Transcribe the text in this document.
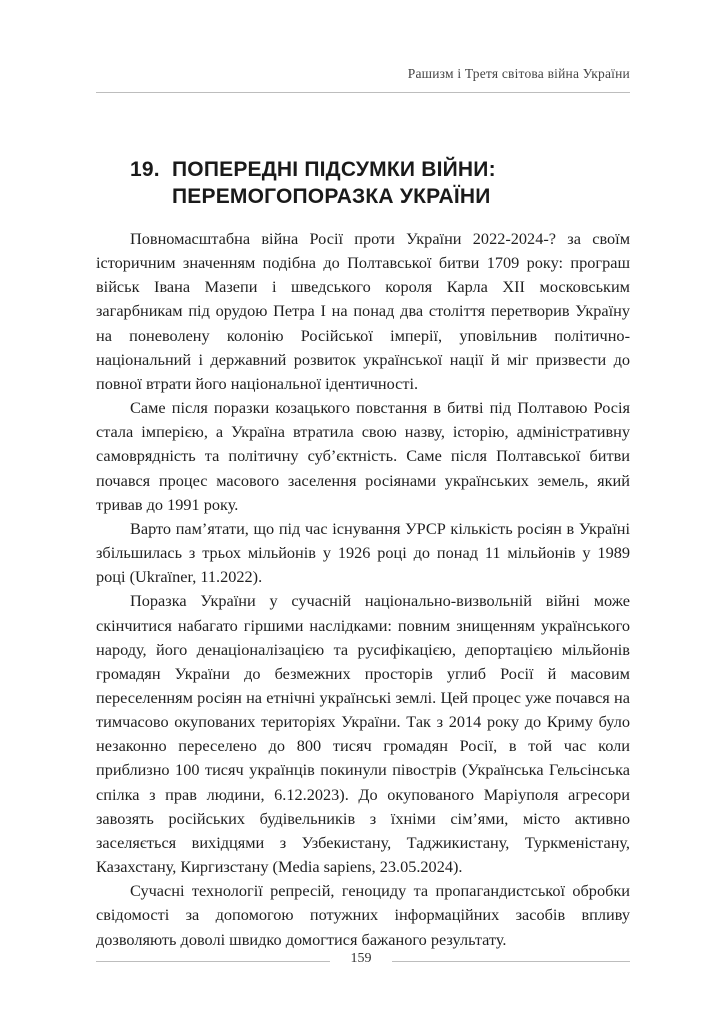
Рашизм і Третя світова війна України
19. ПОПЕРЕДНІ ПІДСУМКИ ВІЙНИ:
ПЕРЕМОГОПОРАЗКА УКРАЇНИ

Повномасштабна війна Росії проти України 2022-2024-? за своїм історичним значенням подібна до Полтавської битви 1709 року: програш військ Івана Мазепи і шведського короля Карла ХІІ московським загарбникам під орудою Петра І на понад два століття перетворив Україну на поневолену колонію Російської імперії, уповільнив політично-національний і державний розвиток української нації й міг призвести до повної втрати його національної ідентичності.

Саме після поразки козацького повстання в битві під Полтавою Росія стала імперією, а Україна втратила свою назву, історію, адміністративну самоврядність та політичну суб’єктність. Саме після Полтавської битви почався процес масового заселення росіянами українських земель, який тривав до 1991 року.

Варто пам’ятати, що під час існування УРСР кількість росіян в Україні збільшилась з трьох мільйонів у 1926 році до понад 11 мільйонів у 1989 році (Ukraїner, 11.2022).

Поразка України у сучасній національно-визвольній війні може скінчитися набагато гіршими наслідками: повним знищенням українського народу, його денаціоналізацією та русифікацією, депортацією мільйонів громадян України до безмежних просторів углиб Росії й масовим переселенням росіян на етнічні українські землі. Цей процес уже почався на тимчасово окупованих територіях України. Так з 2014 року до Криму було незаконно переселено до 800 тисяч громадян Росії, в той час коли приблизно 100 тисяч українців покинули півострів (Українська Гельсінська спілка з прав людини, 6.12.2023). До окупованого Маріуполя агресори завозять російських будівельників з їхніми сім’ями, місто активно заселяється вихідцями з Узбекистану, Таджикистану, Туркменістану, Казахстану, Киргизстану (Media sapiens, 23.05.2024).

Сучасні технології репресій, геноциду та пропагандистської обробки свідомості за допомогою потужних інформаційних засобів впливу дозволяють доволі швидко домогтися бажаного результату.

159
